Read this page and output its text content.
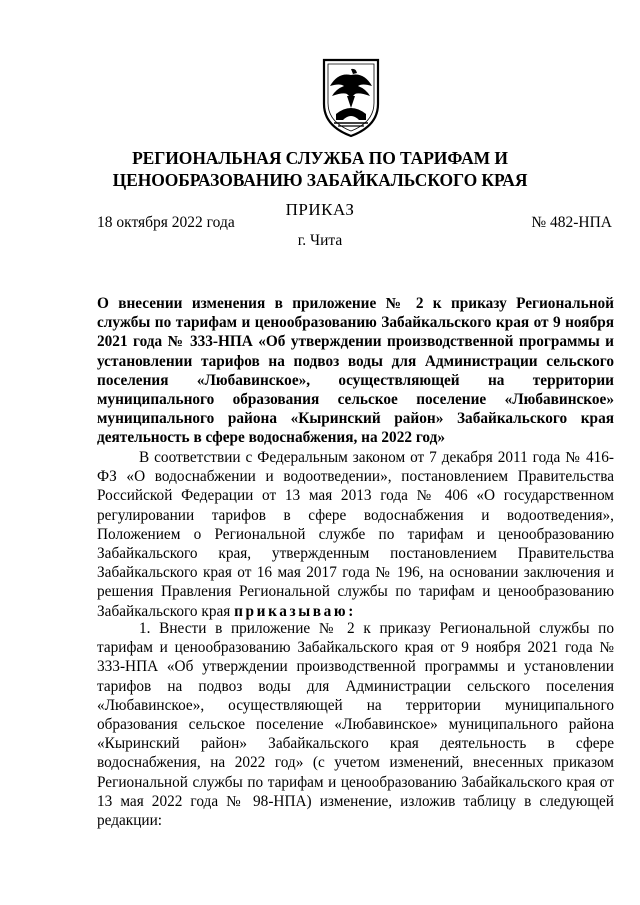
РЕГИОНАЛЬНАЯ СЛУЖБА ПО ТАРИФАМ И
ЦЕНООБРАЗОВАНИЮ ЗАБАЙКАЛЬСКОГО КРАЯ
ПРИКАЗ
18 октября 2022 года	№ 482-НПА
г. Чита
О внесении изменения в приложение № 2 к приказу Региональной службы по тарифам и ценообразованию Забайкальского края от 9 ноября 2021 года № 333-НПА «Об утверждении производственной программы и установлении тарифов на подвоз воды для Администрации сельского поселения «Любавинское», осуществляющей на территории муниципального образования сельское поселение «Любавинское» муниципального района «Кыринский район» Забайкальского края деятельность в сфере водоснабжения, на 2022 год»
В соответствии с Федеральным законом от 7 декабря 2011 года № 416-ФЗ «О водоснабжении и водоотведении», постановлением Правительства Российской Федерации от 13 мая 2013 года № 406 «О государственном регулировании тарифов в сфере водоснабжения и водоотведения», Положением о Региональной службе по тарифам и ценообразованию Забайкальского края, утвержденным постановлением Правительства Забайкальского края от 16 мая 2017 года № 196, на основании заключения и решения Правления Региональной службы по тарифам и ценообразованию Забайкальского края приказываю:
1. Внести в приложение № 2 к приказу Региональной службы по тарифам и ценообразованию Забайкальского края от 9 ноября 2021 года № 333-НПА «Об утверждении производственной программы и установлении тарифов на подвоз воды для Администрации сельского поселения «Любавинское», осуществляющей на территории муниципального образования сельское поселение «Любавинское» муниципального района «Кыринский район» Забайкальского края деятельность в сфере водоснабжения, на 2022 год» (с учетом изменений, внесенных приказом Региональной службы по тарифам и ценообразованию Забайкальского края от 13 мая 2022 года № 98-НПА) изменение, изложив таблицу в следующей редакции:
